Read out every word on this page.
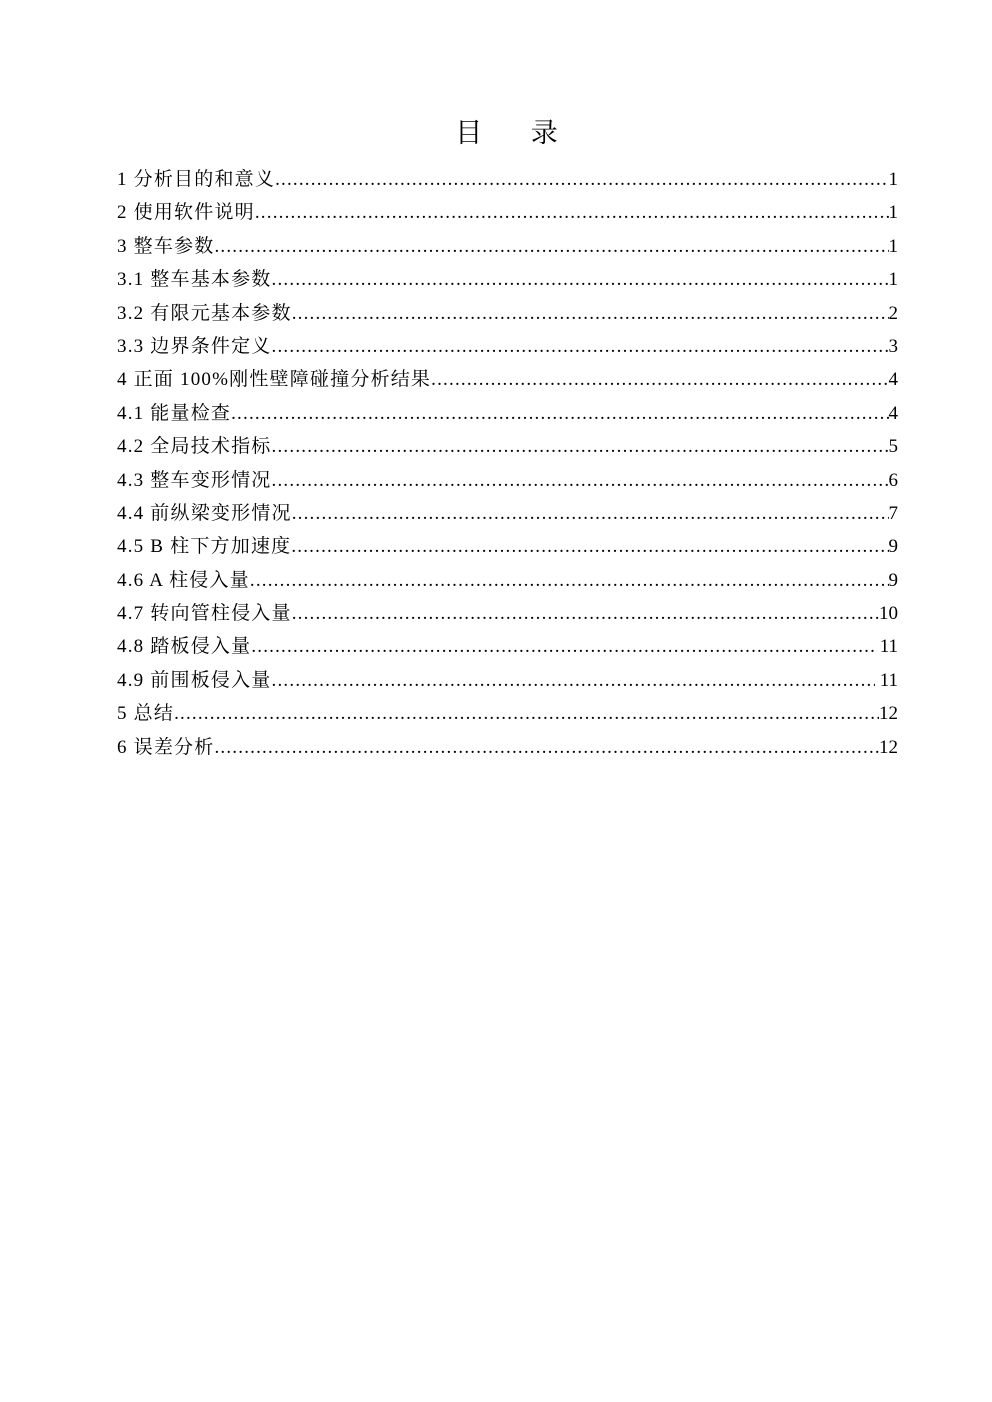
目　  录
1 分析目的和意义 .....	1
2 使用软件说明 .....	1
3 整车参数 .....	1
3.1 整车基本参数 .....	1
3.2 有限元基本参数 .....	2
3.3 边界条件定义 .....	3
4 正面 100%刚性壁障碰撞分析结果 .....	4
4.1 能量检查 .....	4
4.2 全局技术指标 .....	5
4.3 整车变形情况 .....	6
4.4 前纵梁变形情况 .....	7
4.5 B 柱下方加速度 .....	9
4.6 A 柱侵入量 .....	9
4.7 转向管柱侵入量 .....	10
4.8 踏板侵入量 .....	11
4.9 前围板侵入量 .....	11
5 总结 .....	12
6 误差分析 .....	12
